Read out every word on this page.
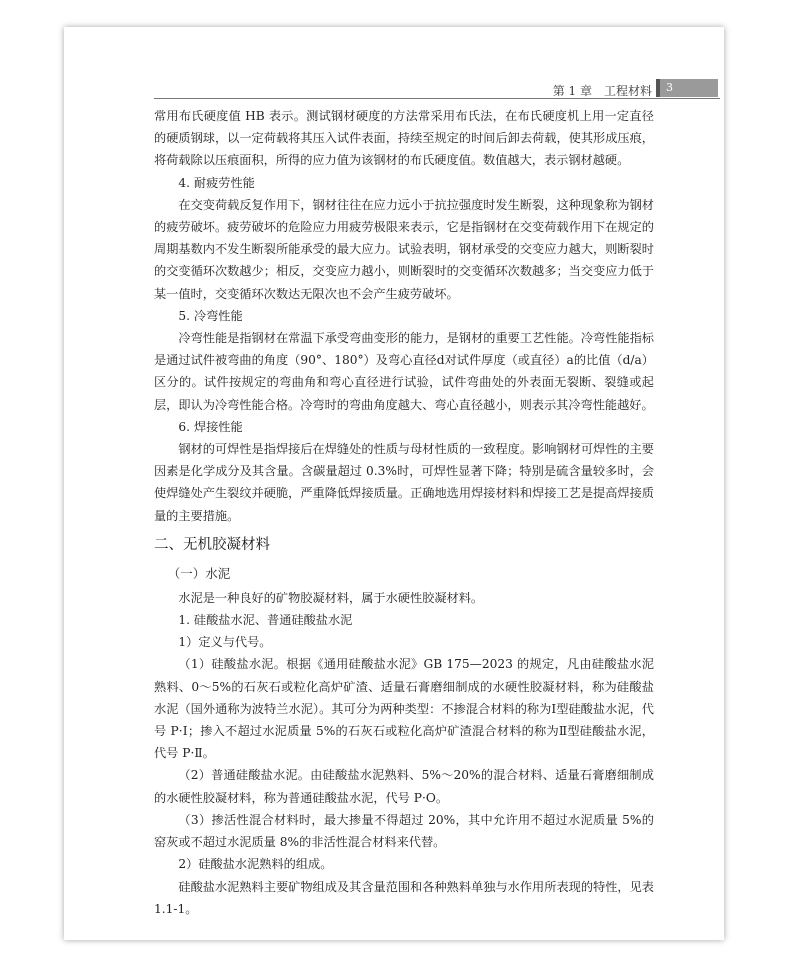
第 1 章　工程材料 3

常用布氏硬度值 HB 表示。测试钢材硬度的方法常采用布氏法，在布氏硬度机上用一定直径的硬质钢球，以一定荷载将其压入试件表面，持续至规定的时间后卸去荷载，使其形成压痕，将荷载除以压痕面积，所得的应力值为该钢材的布氏硬度值。数值越大，表示钢材越硬。

4. 耐疲劳性能

在交变荷载反复作用下，钢材往往在应力远小于抗拉强度时发生断裂，这种现象称为钢材的疲劳破坏。疲劳破坏的危险应力用疲劳极限来表示，它是指钢材在交变荷载作用下在规定的周期基数内不发生断裂所能承受的最大应力。试验表明，钢材承受的交变应力越大，则断裂时的交变循环次数越少；相反，交变应力越小，则断裂时的交变循环次数越多；当交变应力低于某一值时，交变循环次数达无限次也不会产生疲劳破坏。

5. 冷弯性能

冷弯性能是指钢材在常温下承受弯曲变形的能力，是钢材的重要工艺性能。冷弯性能指标是通过试件被弯曲的角度（90°、180°）及弯心直径d对试件厚度（或直径）a的比值（d/a）区分的。试件按规定的弯曲角和弯心直径进行试验，试件弯曲处的外表面无裂断、裂缝或起层，即认为冷弯性能合格。冷弯时的弯曲角度越大、弯心直径越小，则表示其冷弯性能越好。

6. 焊接性能

钢材的可焊性是指焊接后在焊缝处的性质与母材性质的一致程度。影响钢材可焊性的主要因素是化学成分及其含量。含碳量超过 0.3%时，可焊性显著下降；特别是硫含量较多时，会使焊缝处产生裂纹并硬脆，严重降低焊接质量。正确地选用焊接材料和焊接工艺是提高焊接质量的主要措施。

二、无机胶凝材料

（一）水泥

水泥是一种良好的矿物胶凝材料，属于水硬性胶凝材料。

1. 硅酸盐水泥、普通硅酸盐水泥

1）定义与代号。

（1）硅酸盐水泥。根据《通用硅酸盐水泥》GB 175—2023 的规定，凡由硅酸盐水泥熟料、0～5%的石灰石或粒化高炉矿渣、适量石膏磨细制成的水硬性胶凝材料，称为硅酸盐水泥（国外通称为波特兰水泥）。其可分为两种类型：不掺混合材料的称为Ⅰ型硅酸盐水泥，代号 P·Ⅰ；掺入不超过水泥质量 5%的石灰石或粒化高炉矿渣混合材料的称为Ⅱ型硅酸盐水泥，代号 P·Ⅱ。

（2）普通硅酸盐水泥。由硅酸盐水泥熟料、5%～20%的混合材料、适量石膏磨细制成的水硬性胶凝材料，称为普通硅酸盐水泥，代号 P·O。

（3）掺活性混合材料时，最大掺量不得超过 20%，其中允许用不超过水泥质量 5%的窑灰或不超过水泥质量 8%的非活性混合材料来代替。

2）硅酸盐水泥熟料的组成。

硅酸盐水泥熟料主要矿物组成及其含量范围和各种熟料单独与水作用所表现的特性，见表 1.1-1。
